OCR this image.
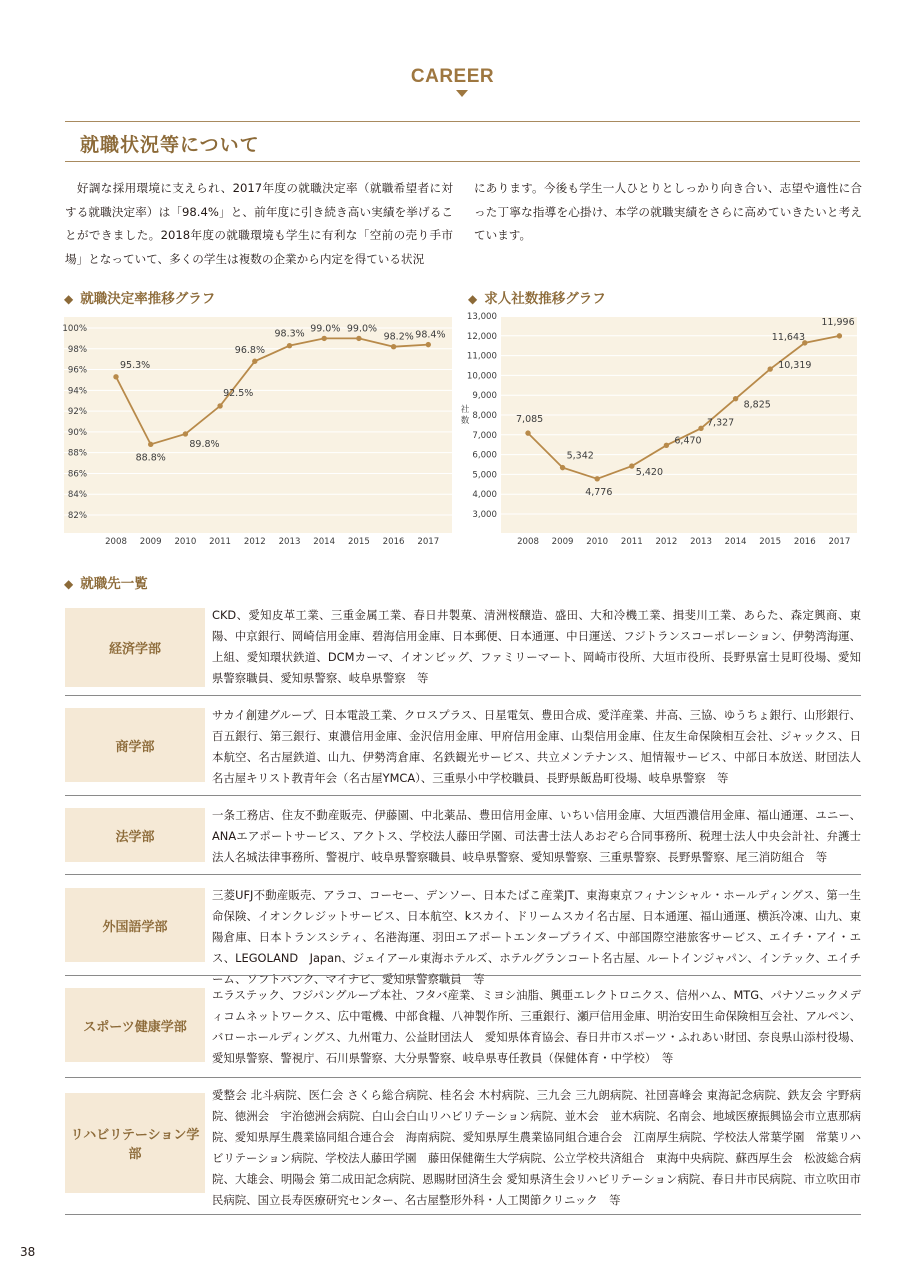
CAREER
就職状況等について
　好調な採用環境に支えられ、2017年度の就職決定率（就職希望者に対する就職決定率）は「98.4%」と、前年度に引き続き高い実績を挙げることができました。2018年度の就職環境も学生に有利な「空前の売り手市場」となっていて、多くの学生は複数の企業から内定を得ている状況
にあります。今後も学生一人ひとりとしっかり向き合い、志望や適性に合った丁寧な指導を心掛け、本学の就職実績をさらに高めていきたいと考えています。
◆ 就職決定率推移グラフ	◆ 求人社数推移グラフ
82%
84%
86%
88%
90%
92%
94%
96%
98%
100%
2008 2009 2010 2011 2012 2013 2014 2015 2016 2017
95.3%
88.8%
89.8%
92.5%
96.8%
98.3% 99.0% 99.0%
98.2% 98.4%
3,000
4,000
5,000
6,000
7,000
8,000
9,000
10,000
11,000
12,000
13,000
2008 2009 2010 2011 2012 2013 2014 2015 2016 2017
7,085
5,342
4,776
5,420
6,470
7,327
8,825
10,319
11,643
11,996
社
数
◆ 就職先一覧
経済学部
CKD、愛知皮革工業、三重金属工業、春日井製菓、清洲桜醸造、盛田、大和冷機工業、揖斐川工業、あらた、森定興商、東陽、中京銀行、岡崎信用金庫、碧海信用金庫、日本郵便、日本通運、中日運送、フジトランスコーポレーション、伊勢湾海運、上組、愛知環状鉄道、DCMカーマ、イオンビッグ、ファミリーマート、岡崎市役所、大垣市役所、長野県富士見町役場、愛知県警察職員、愛知県警察、岐阜県警察　等
商学部
サカイ創建グループ、日本電設工業、クロスプラス、日星電気、豊田合成、愛洋産業、井高、三協、ゆうちょ銀行、山形銀行、百五銀行、第三銀行、東濃信用金庫、金沢信用金庫、甲府信用金庫、山梨信用金庫、住友生命保険相互会社、ジャックス、日本航空、名古屋鉄道、山九、伊勢湾倉庫、名鉄観光サービス、共立メンテナンス、旭情報サービス、中部日本放送、財団法人名古屋キリスト教青年会（名古屋YMCA）、三重県小中学校職員、長野県飯島町役場、岐阜県警察　等
法学部
一条工務店、住友不動産販売、伊藤園、中北薬品、豊田信用金庫、いちい信用金庫、大垣西濃信用金庫、福山通運、ユニー、ANAエアポートサービス、アクトス、学校法人藤田学園、司法書士法人あおぞら合同事務所、税理士法人中央会計社、弁護士法人名城法律事務所、警視庁、岐阜県警察職員、岐阜県警察、愛知県警察、三重県警察、長野県警察、尾三消防組合　等
外国語学部
三菱UFJ不動産販売、アラコ、コーセー、デンソー、日本たばこ産業JT、東海東京フィナンシャル・ホールディングス、第一生命保険、イオンクレジットサービス、日本航空、kスカイ、ドリームスカイ名古屋、日本通運、福山通運、横浜冷凍、山九、東陽倉庫、日本トランスシティ、名港海運、羽田エアポートエンタープライズ、中部国際空港旅客サービス、エイチ・アイ・エス、LEGOLAND　Japan、ジェイアール東海ホテルズ、ホテルグランコート名古屋、ルートインジャパン、インテック、エイチーム、ソフトバンク、マイナビ、愛知県警察職員　等
スポーツ健康学部
エラステック、フジパングループ本社、フタバ産業、ミヨシ油脂、興亜エレクトロニクス、信州ハム、MTG、パナソニックメディコムネットワークス、広中電機、中部食糧、八神製作所、三重銀行、瀬戸信用金庫、明治安田生命保険相互会社、アルペン、バローホールディングス、九州電力、公益財団法人　愛知県体育協会、春日井市スポーツ・ふれあい財団、奈良県山添村役場、愛知県警察、警視庁、石川県警察、大分県警察、岐阜県専任教員（保健体育・中学校）　等
リハビリテーション学部
愛整会 北斗病院、医仁会 さくら総合病院、桂名会 木村病院、三九会 三九朗病院、社団喜峰会 東海記念病院、鉄友会 宇野病院、徳洲会　宇治徳洲会病院、白山会白山リハビリテーション病院、並木会　並木病院、名南会、地域医療振興協会市立恵那病院、愛知県厚生農業協同組合連合会　海南病院、愛知県厚生農業協同組合連合会　江南厚生病院、学校法人常葉学園　常葉リハビリテーション病院、学校法人藤田学園　藤田保健衛生大学病院、公立学校共済組合　東海中央病院、蘇西厚生会　松波総合病院、大雄会、明陽会 第二成田記念病院、恩賜財団済生会 愛知県済生会リハビリテーション病院、春日井市民病院、市立吹田市民病院、国立長寿医療研究センター、名古屋整形外科・人工関節クリニック　等
38
